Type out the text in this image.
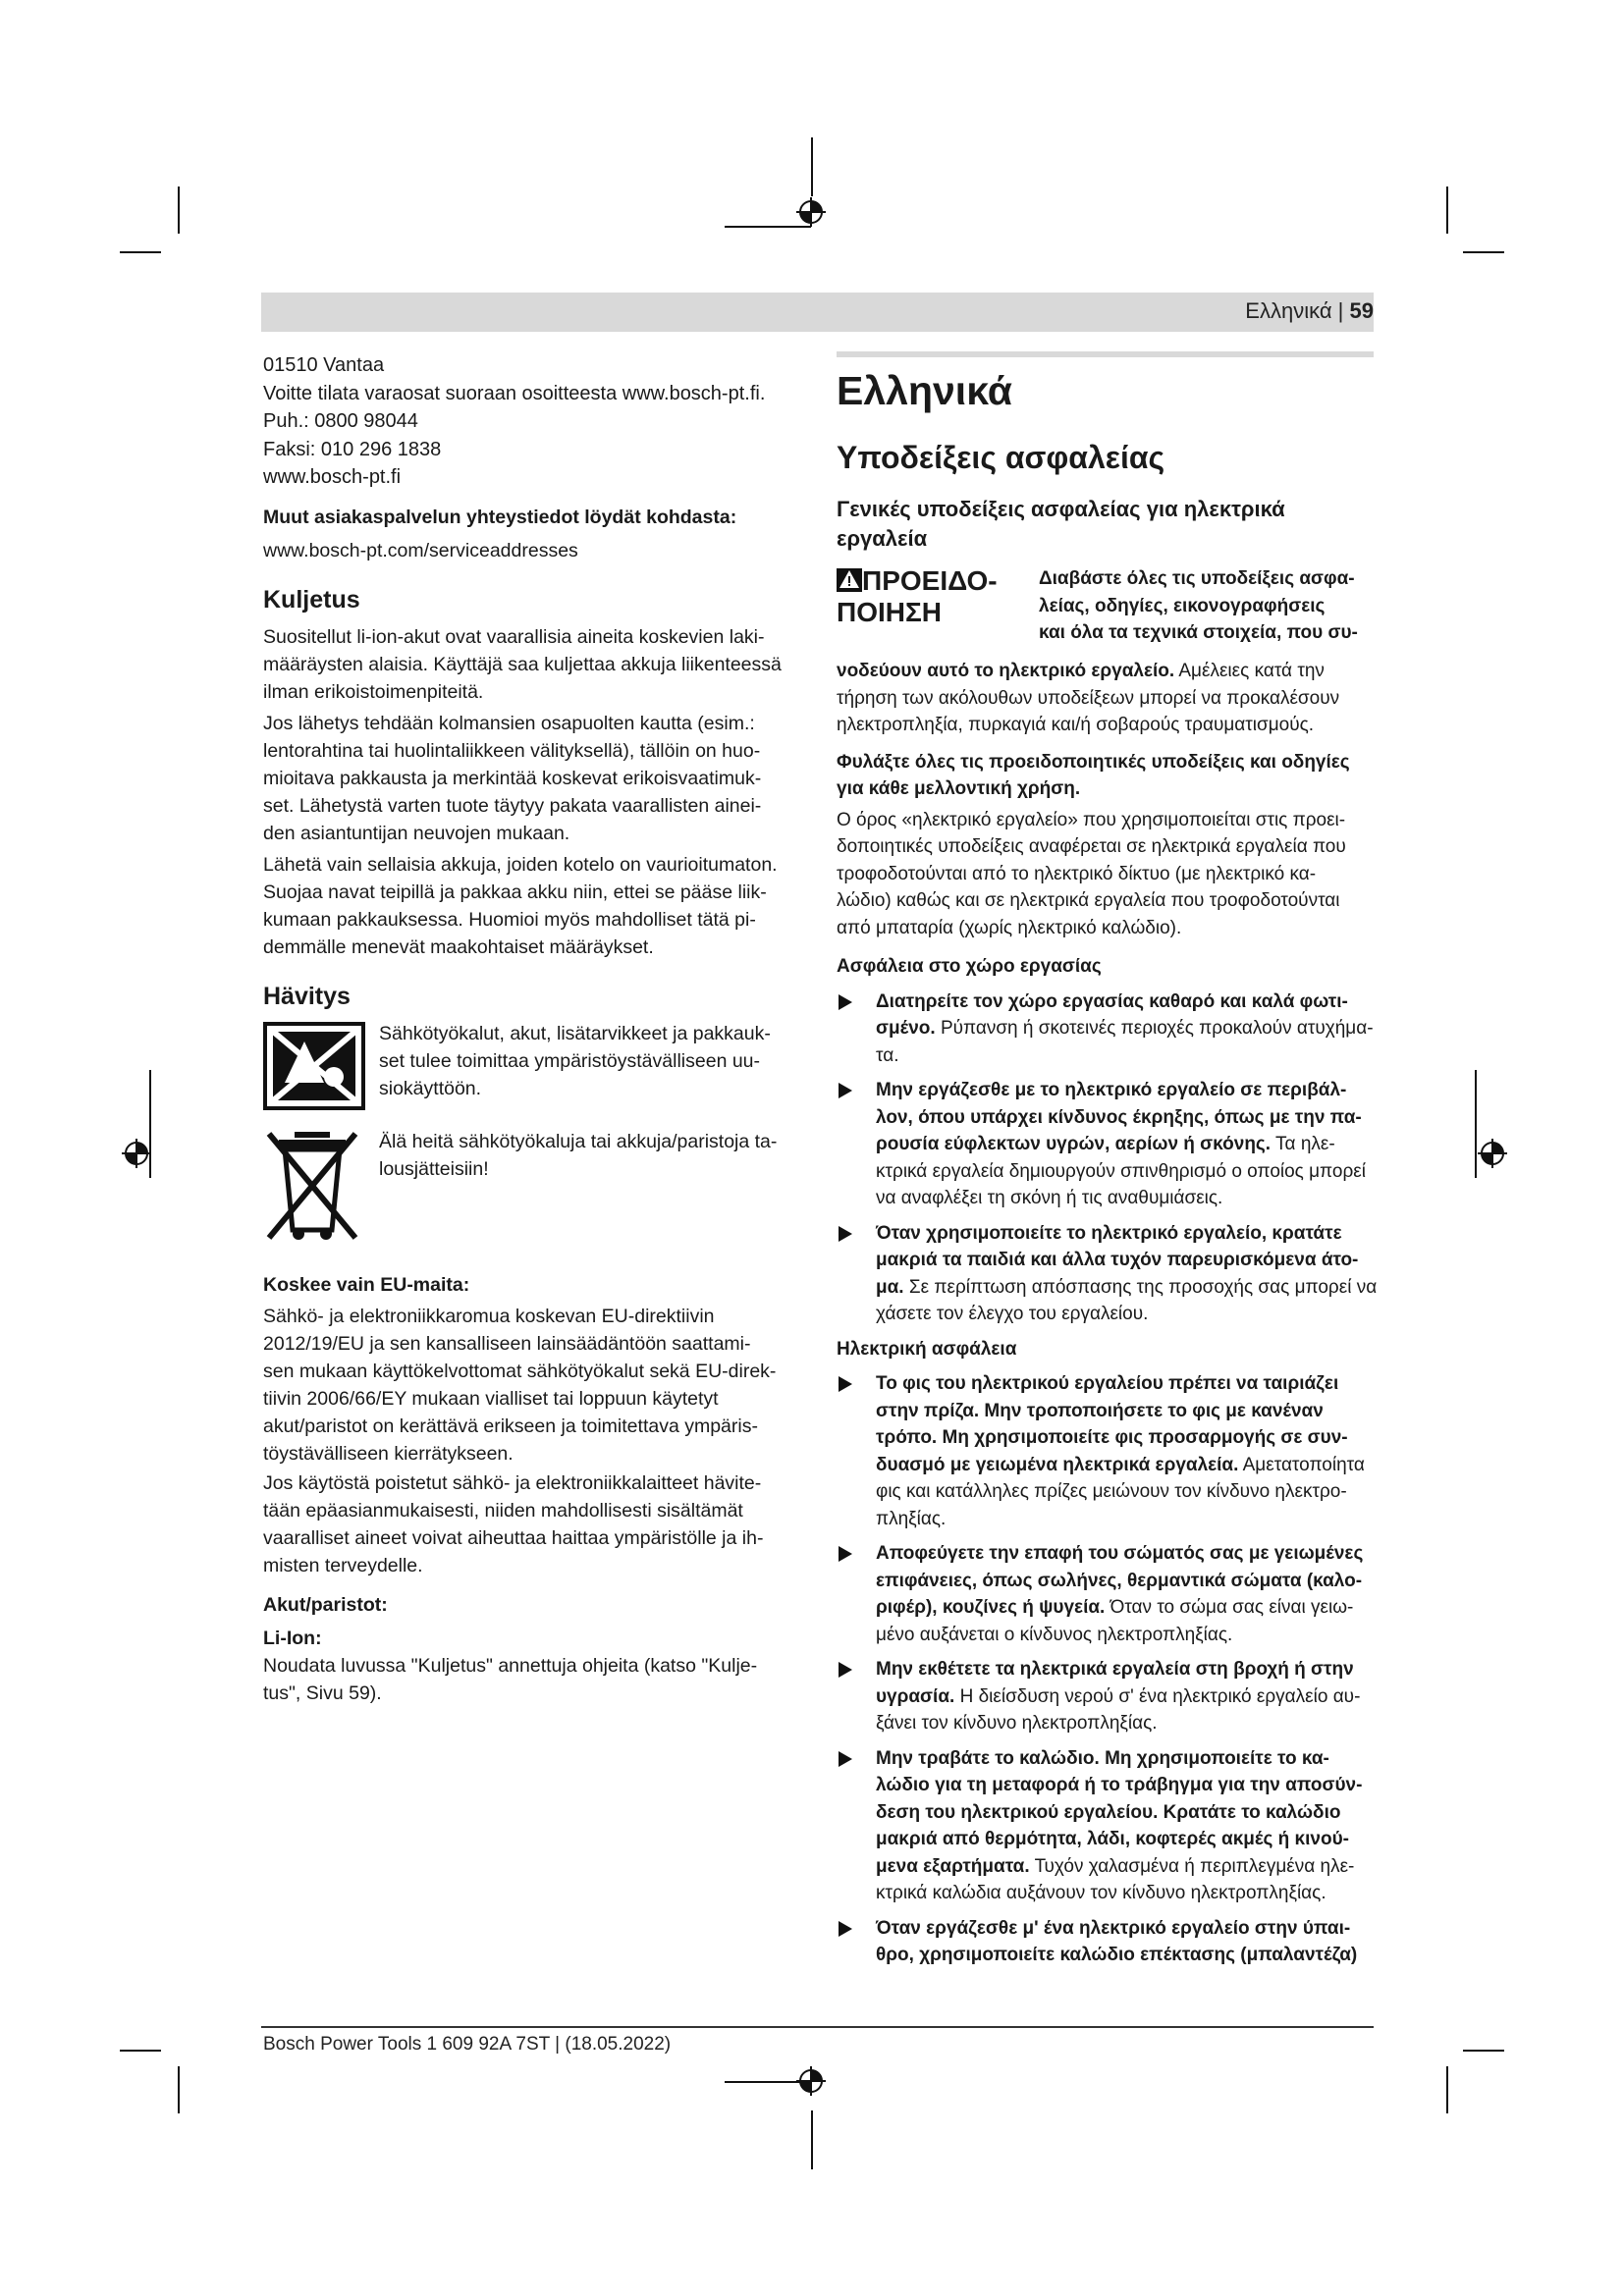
Ελληνικά | 59
01510 Vantaa
Voitte tilata varaosat suoraan osoitteesta www.bosch-pt.fi.
Puh.: 0800 98044
Faksi: 010 296 1838
www.bosch-pt.fi
Muut asiakaspalvelun yhteystiedot löydät kohdasta:
www.bosch-pt.com/serviceaddresses
Kuljetus
Suositellut li-ion-akut ovat vaarallisia aineita koskevien laki-
määräysten alaisia. Käyttäjä saa kuljettaa akkuja liikenteessä
ilman erikoistoimenpiteitä.
Jos lähetys tehdään kolmansien osapuolten kautta (esim.:
lentorahtina tai huolintaliikkeen välityksellä), tällöin on huo-
mioitava pakkausta ja merkintää koskevat erikoisvaatimuk-
set. Lähetystä varten tuote täytyy pakata vaarallisten ainei-
den asiantuntijan neuvojen mukaan.
Lähetä vain sellaisia akkuja, joiden kotelo on vaurioitumaton.
Suojaa navat teipillä ja pakkaa akku niin, ettei se pääse liik-
kumaan pakkauksessa. Huomioi myös mahdolliset tätä pi-
demmälle menevät maakohtaiset määräykset.
Hävitys
Sähkötyökalut, akut, lisätarvikkeet ja pakkauk-
set tulee toimittaa ympäristöystävälliseen uu-
siokäyttöön.
Älä heitä sähkötyökaluja tai akkuja/paristoja ta-
lousjätteisiin!
Koskee vain EU-maita:
Sähkö- ja elektroniikkaromua koskevan EU-direktiivin
2012/19/EU ja sen kansalliseen lainsäädäntöön saattami-
sen mukaan käyttökelvottomat sähkötyökalut sekä EU-direk-
tiivin 2006/66/EY mukaan vialliset tai loppuun käytetyt
akut/paristot on kerättävä erikseen ja toimitettava ympäris-
töystävälliseen kierrätykseen.
Jos käytöstä poistetut sähkö- ja elektroniikkalaitteet hävite-
tään epäasianmukaisesti, niiden mahdollisesti sisältämät
vaaralliset aineet voivat aiheuttaa haittaa ympäristölle ja ih-
misten terveydelle.
Akut/paristot:
Li-Ion:
Noudata luvussa "Kuljetus" annettuja ohjeita (katso "Kulje-
tus", Sivu 59).
Ελληνικά
Υποδείξεις ασφαλείας
Γενικές υποδείξεις ασφαλείας για ηλεκτρικά
εργαλεία
ΠΡΟΕΙΔΟ-
ΠΟΙΗΣΗ
Διαβάστε όλες τις υποδείξεις ασφα-
λείας, οδηγίες, εικονογραφήσεις
και όλα τα τεχνικά στοιχεία, που συ-
νοδεύουν αυτό το ηλεκτρικό εργαλείο. Αμέλειες κατά την
τήρηση των ακόλουθων υποδείξεων μπορεί να προκαλέσουν
ηλεκτροπληξία, πυρκαγιά και/ή σοβαρούς τραυματισμούς.
Φυλάξτε όλες τις προειδοποιητικές υποδείξεις και οδηγίες
για κάθε μελλοντική χρήση.
Ο όρος «ηλεκτρικό εργαλείο» που χρησιμοποιείται στις προει-
δοποιητικές υποδείξεις αναφέρεται σε ηλεκτρικά εργαλεία που
τροφοδοτούνται από το ηλεκτρικό δίκτυο (με ηλεκτρικό κα-
λώδιο) καθώς και σε ηλεκτρικά εργαλεία που τροφοδοτούνται
από μπαταρία (χωρίς ηλεκτρικό καλώδιο).
Ασφάλεια στο χώρο εργασίας
Διατηρείτε τον χώρο εργασίας καθαρό και καλά φωτι-
σμένο. Ρύπανση ή σκοτεινές περιοχές προκαλούν ατυχήμα-
τα.
Μην εργάζεσθε με το ηλεκτρικό εργαλείο σε περιβάλ-
λον, όπου υπάρχει κίνδυνος έκρηξης, όπως με την πα-
ρουσία εύφλεκτων υγρών, αερίων ή σκόνης. Τα ηλε-
κτρικά εργαλεία δημιουργούν σπινθηρισμό ο οποίος μπορεί
να αναφλέξει τη σκόνη ή τις αναθυμιάσεις.
Όταν χρησιμοποιείτε το ηλεκτρικό εργαλείο, κρατάτε
μακριά τα παιδιά και άλλα τυχόν παρευρισκόμενα άτο-
μα. Σε περίπτωση απόσπασης της προσοχής σας μπορεί να
χάσετε τον έλεγχο του εργαλείου.
Ηλεκτρική ασφάλεια
Το φις του ηλεκτρικού εργαλείου πρέπει να ταιριάζει
στην πρίζα. Μην τροποποιήσετε το φις με κανέναν
τρόπο. Μη χρησιμοποιείτε φις προσαρμογής σε συν-
δυασμό με γειωμένα ηλεκτρικά εργαλεία. Αμετατοποίητα
φις και κατάλληλες πρίζες μειώνουν τον κίνδυνο ηλεκτρο-
πληξίας.
Αποφεύγετε την επαφή του σώματός σας με γειωμένες
επιφάνειες, όπως σωλήνες, θερμαντικά σώματα (καλο-
ριφέρ), κουζίνες ή ψυγεία. Όταν το σώμα σας είναι γειω-
μένο αυξάνεται ο κίνδυνος ηλεκτροπληξίας.
Μην εκθέτετε τα ηλεκτρικά εργαλεία στη βροχή ή στην
υγρασία. Η διείσδυση νερού σ' ένα ηλεκτρικό εργαλείο αυ-
ξάνει τον κίνδυνο ηλεκτροπληξίας.
Μην τραβάτε το καλώδιο. Μη χρησιμοποιείτε το κα-
λώδιο για τη μεταφορά ή το τράβηγμα για την αποσύν-
δεση του ηλεκτρικού εργαλείου. Κρατάτε το καλώδιο
μακριά από θερμότητα, λάδι, κοφτερές ακμές ή κινού-
μενα εξαρτήματα. Τυχόν χαλασμένα ή περιπλεγμένα ηλε-
κτρικά καλώδια αυξάνουν τον κίνδυνο ηλεκτροπληξίας.
Όταν εργάζεσθε μ' ένα ηλεκτρικό εργαλείο στην ύπαι-
θρο, χρησιμοποιείτε καλώδιο επέκτασης (μπαλαντέζα)
Bosch Power Tools 1 609 92A 7ST | (18.05.2022)
